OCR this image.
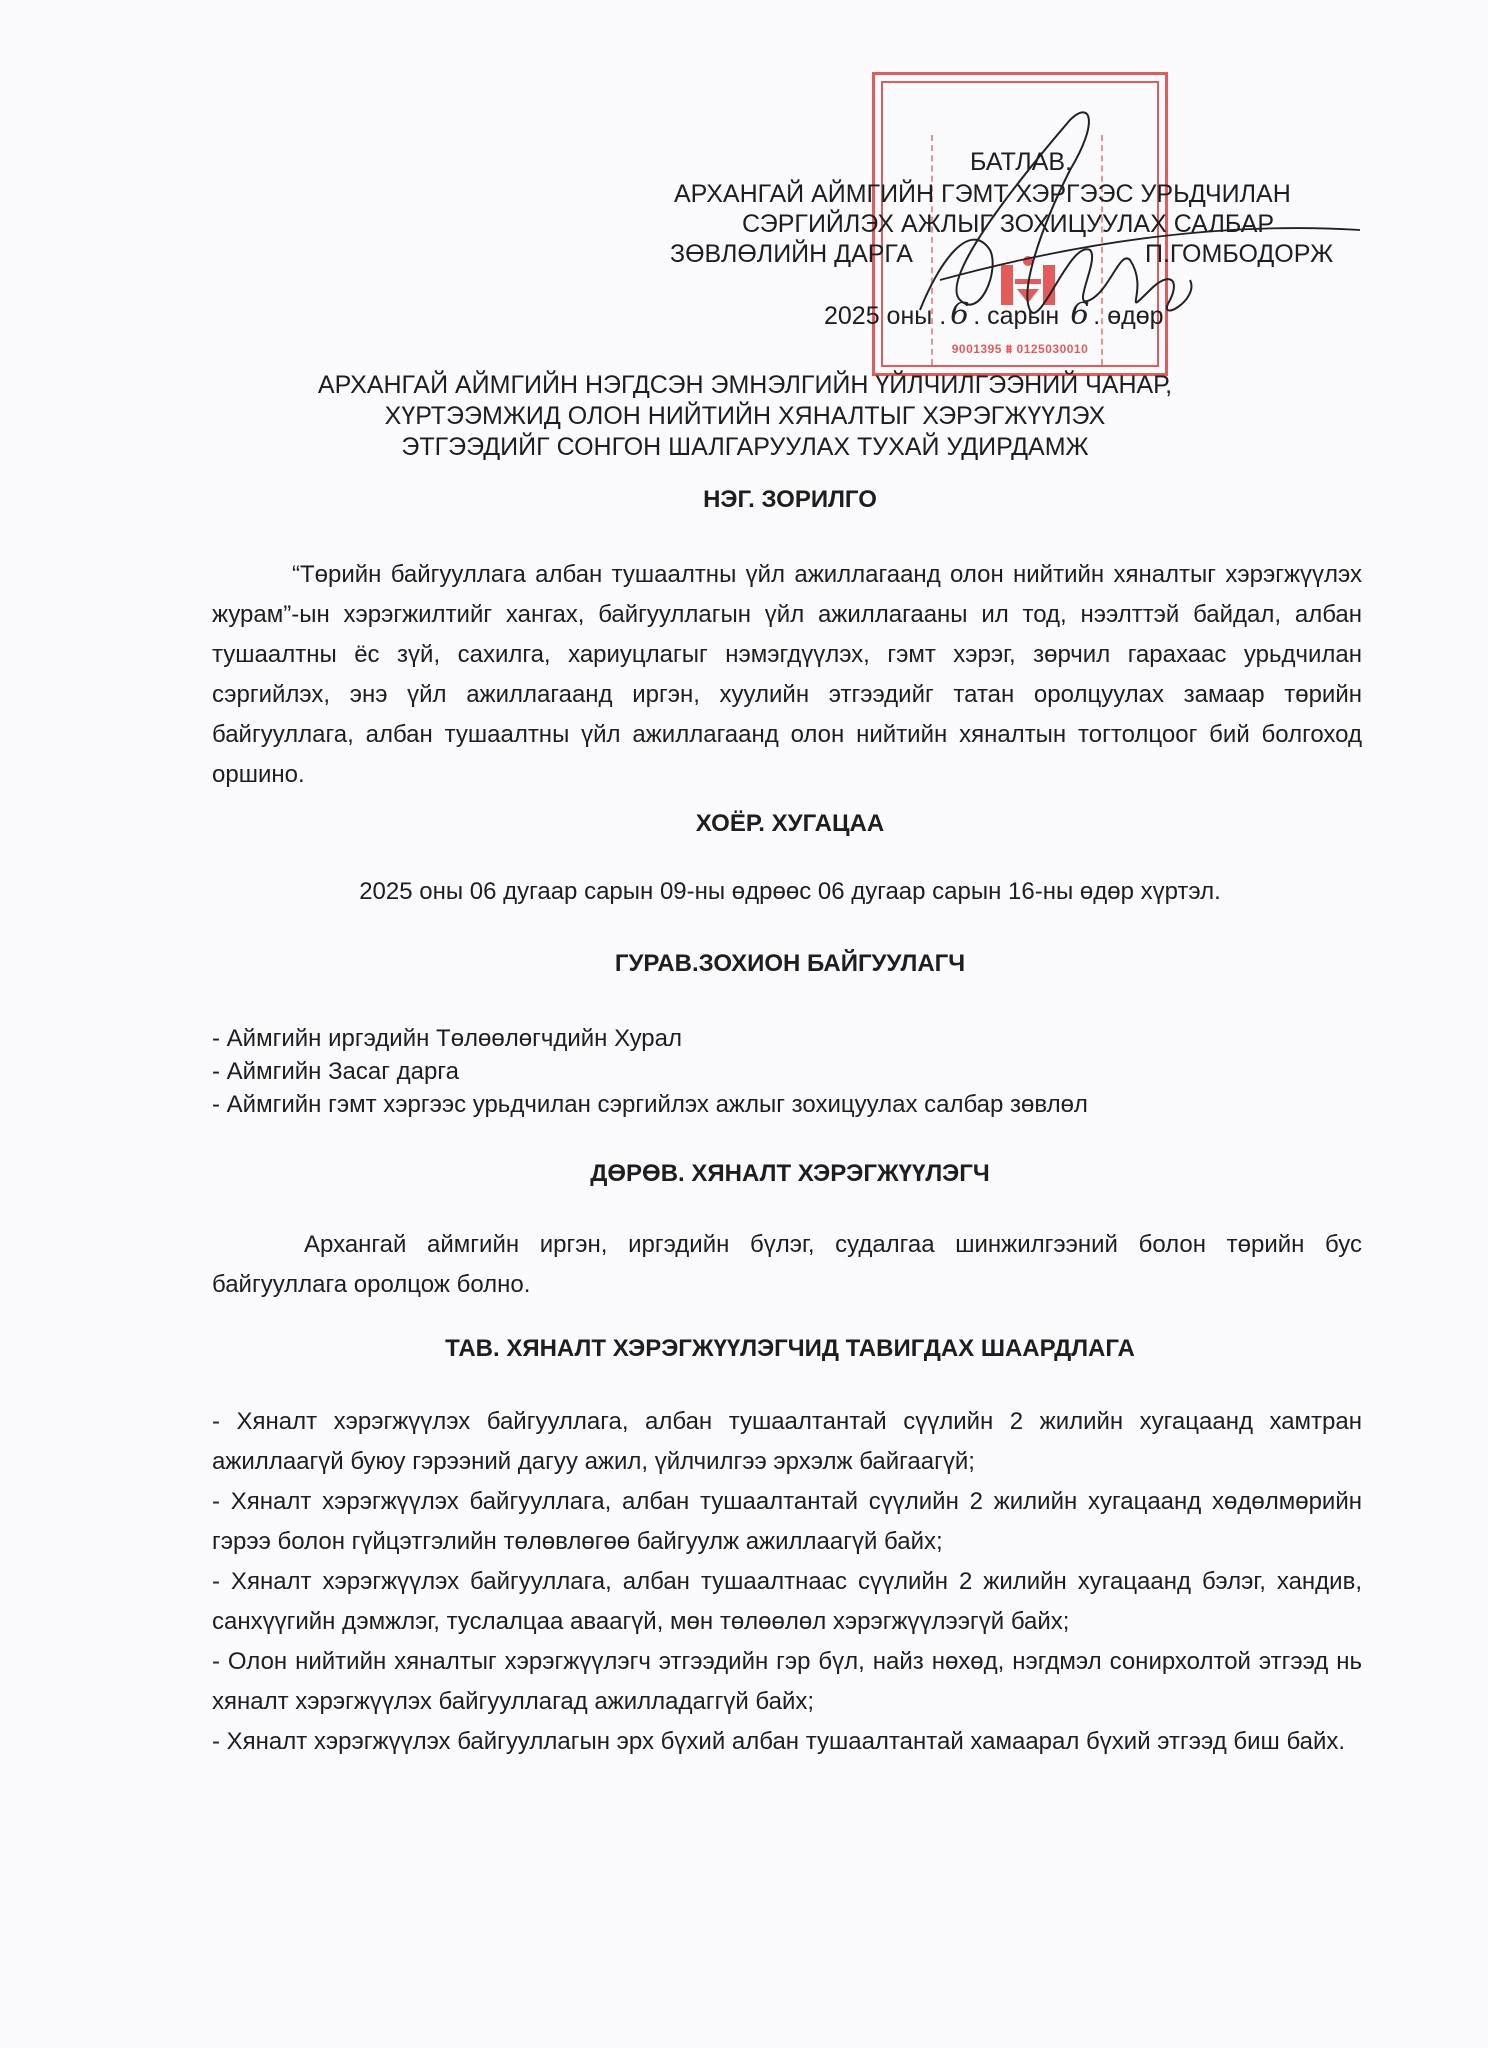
9001395 ⩩ 0125030010
БАТЛАВ.
АРХАНГАЙ АЙМГИЙН ГЭМТ ХЭРГЭЭС УРЬДЧИЛАН
СЭРГИЙЛЭХ АЖЛЫГ ЗОХИЦУУЛАХ САЛБАР
ЗӨВЛӨЛИЙН ДАРГА	П.ГОМБОДОРЖ
2025 оны . 6 . сарын 6 . өдөр
АРХАНГАЙ АЙМГИЙН НЭГДСЭН ЭМНЭЛГИЙН ҮЙЛЧИЛГЭЭНИЙ ЧАНАР,
ХҮРТЭЭМЖИД ОЛОН НИЙТИЙН ХЯНАЛТЫГ ХЭРЭГЖҮҮЛЭХ
ЭТГЭЭДИЙГ СОНГОН ШАЛГАРУУЛАХ ТУХАЙ УДИРДАМЖ
НЭГ. ЗОРИЛГО
“Төрийн байгууллага албан тушаалтны үйл ажиллагаанд олон нийтийн хяналтыг хэрэгжүүлэх журам”-ын хэрэгжилтийг хангах, байгууллагын үйл ажиллагааны ил тод, нээлттэй байдал, албан тушаалтны ёс зүй, сахилга, хариуцлагыг нэмэгдүүлэх, гэмт хэрэг, зөрчил гарахаас урьдчилан сэргийлэх, энэ үйл ажиллагаанд иргэн, хуулийн этгээдийг татан оролцуулах замаар төрийн байгууллага, албан тушаалтны үйл ажиллагаанд олон нийтийн хяналтын тогтолцоог бий болгоход оршино.
ХОЁР. ХУГАЦАА
2025 оны 06 дугаар сарын 09-ны өдрөөс 06 дугаар сарын 16-ны өдөр хүртэл.
ГУРАВ.ЗОХИОН БАЙГУУЛАГЧ
- Аймгийн иргэдийн Төлөөлөгчдийн Хурал
- Аймгийн Засаг дарга
- Аймгийн гэмт хэргээс урьдчилан сэргийлэх ажлыг зохицуулах салбар зөвлөл
ДӨРӨВ. ХЯНАЛТ ХЭРЭГЖҮҮЛЭГЧ
Архангай аймгийн иргэн, иргэдийн бүлэг, судалгаа шинжилгээний болон төрийн бус байгууллага оролцож болно.
ТАВ. ХЯНАЛТ ХЭРЭГЖҮҮЛЭГЧИД ТАВИГДАХ ШААРДЛАГА
- Хяналт хэрэгжүүлэх байгууллага, албан тушаалтантай сүүлийн 2 жилийн хугацаанд хамтран ажиллаагүй буюу гэрээний дагуу ажил, үйлчилгээ эрхэлж байгаагүй;
- Хяналт хэрэгжүүлэх байгууллага, албан тушаалтантай сүүлийн 2 жилийн хугацаанд хөдөлмөрийн гэрээ болон гүйцэтгэлийн төлөвлөгөө байгуулж ажиллаагүй байх;
- Хяналт хэрэгжүүлэх байгууллага, албан тушаалтнаас сүүлийн 2 жилийн хугацаанд бэлэг, хандив, санхүүгийн дэмжлэг, туслалцаа аваагүй, мөн төлөөлөл хэрэгжүүлээгүй байх;
- Олон нийтийн хяналтыг хэрэгжүүлэгч этгээдийн гэр бүл, найз нөхөд, нэгдмэл сонирхолтой этгээд нь хяналт хэрэгжүүлэх байгууллагад ажилладаггүй байх;
- Хяналт хэрэгжүүлэх байгууллагын эрх бүхий албан тушаалтантай хамаарал бүхий этгээд биш байх.
